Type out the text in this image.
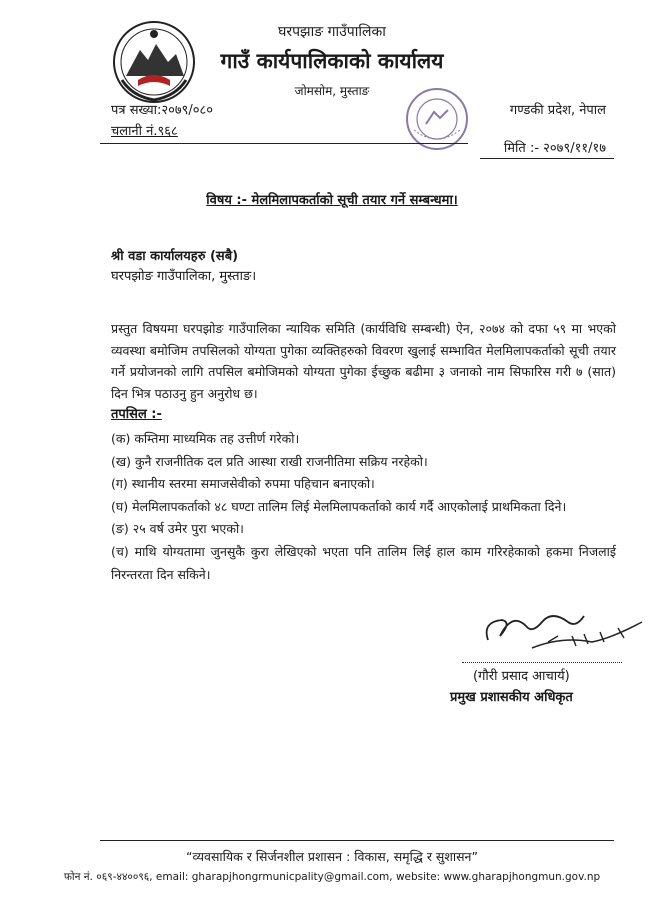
घरपझाङ गाउँपालिका
गाउँ कार्यपालिकाको कार्यालय
जोमसोम, मुस्ताङ
पत्र सख्या:२०७९/०८०
चलानी नं.९६८
गण्डकी प्रदेश, नेपाल
मिति :- २०७९/११/१७
विषय :- मेलमिलापकर्ताको सूची तयार गर्ने सम्बन्धमा।
श्री वडा कार्यालयहरु (सबै)
घरपझोङ गाउँपालिका, मुस्ताङ।
प्रस्तुत विषयमा घरपझोङ गाउँपालिका न्यायिक समिति (कार्यविधि सम्बन्धी) ऐन, २०७४ को दफा ५९ मा भएको व्यवस्था बमोजिम तपसिलको योग्यता पुगेका व्यक्तिहरुको विवरण खुलाई सम्भावित मेलमिलापकर्ताको सूची तयार गर्ने प्रयोजनको लागि तपसिल बमोजिमको योग्यता पुगेका ईच्छुक बढीमा ३ जनाको नाम सिफारिस गरी ७ (सात) दिन भित्र पठाउनु हुन अनुरोध छ।
तपसिल :-
(क) कम्तिमा माध्यमिक तह उत्तीर्ण गरेको।
(ख) कुनै राजनीतिक दल प्रति आस्था राखी राजनीतिमा सक्रिय नरहेको।
(ग) स्थानीय स्तरमा समाजसेवीको रुपमा पहिचान बनाएको।
(घ) मेलमिलापकर्ताको ४८ घण्टा तालिम लिई मेलमिलापकर्ताको कार्य गर्दै आएकोलाई प्राथमिकता दिने।
(ङ) २५ वर्ष उमेर पुरा भएको।
(च) माथि योग्यतामा जुनसुकै कुरा लेखिएको भएता पनि तालिम लिई हाल काम गरिरहेकाको हकमा निजलाई निरन्तरता दिन सकिने।
(गौरी प्रसाद आचार्य)
प्रमुख प्रशासकीय अधिकृत
“व्यवसायिक र सिर्जनशील प्रशासन : विकास, समृद्धि र सुशासन”
फोन नं. ०६९-४४००९६, email: gharapjhongrmunicpality@gmail.com, website: www.gharapjhongmun.gov.np
